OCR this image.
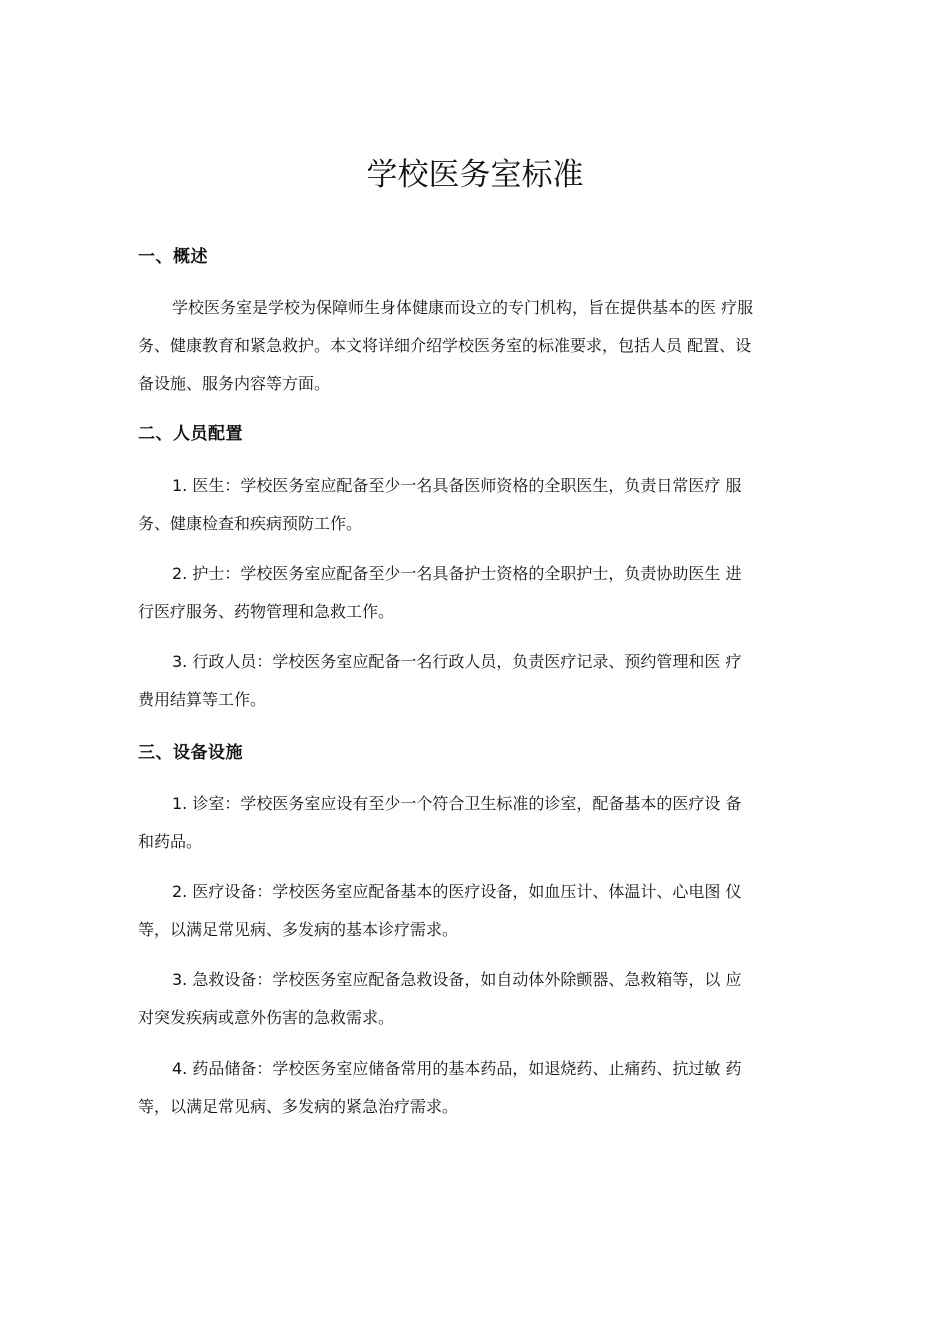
学校医务室标准
一、概述

学校医务室是学校为保障师生身体健康而设立的专门机构，旨在提供基本的医 疗服
务、健康教育和紧急救护。本文将详细介绍学校医务室的标准要求，包括人员 配置、设
备设施、服务内容等方面。

二、人员配置

1. 医生：学校医务室应配备至少一名具备医师资格的全职医生，负责日常医疗 服
务、健康检查和疾病预防工作。

2. 护士：学校医务室应配备至少一名具备护士资格的全职护士，负责协助医生 进
行医疗服务、药物管理和急救工作。

3. 行政人员：学校医务室应配备一名行政人员，负责医疗记录、预约管理和医 疗
费用结算等工作。

三、设备设施

1. 诊室：学校医务室应设有至少一个符合卫生标准的诊室，配备基本的医疗设 备
和药品。

2. 医疗设备：学校医务室应配备基本的医疗设备，如血压计、体温计、心电图 仪
等，以满足常见病、多发病的基本诊疗需求。

3. 急救设备：学校医务室应配备急救设备，如自动体外除颤器、急救箱等，以 应
对突发疾病或意外伤害的急救需求。

4. 药品储备：学校医务室应储备常用的基本药品，如退烧药、止痛药、抗过敏 药
等，以满足常见病、多发病的紧急治疗需求。
